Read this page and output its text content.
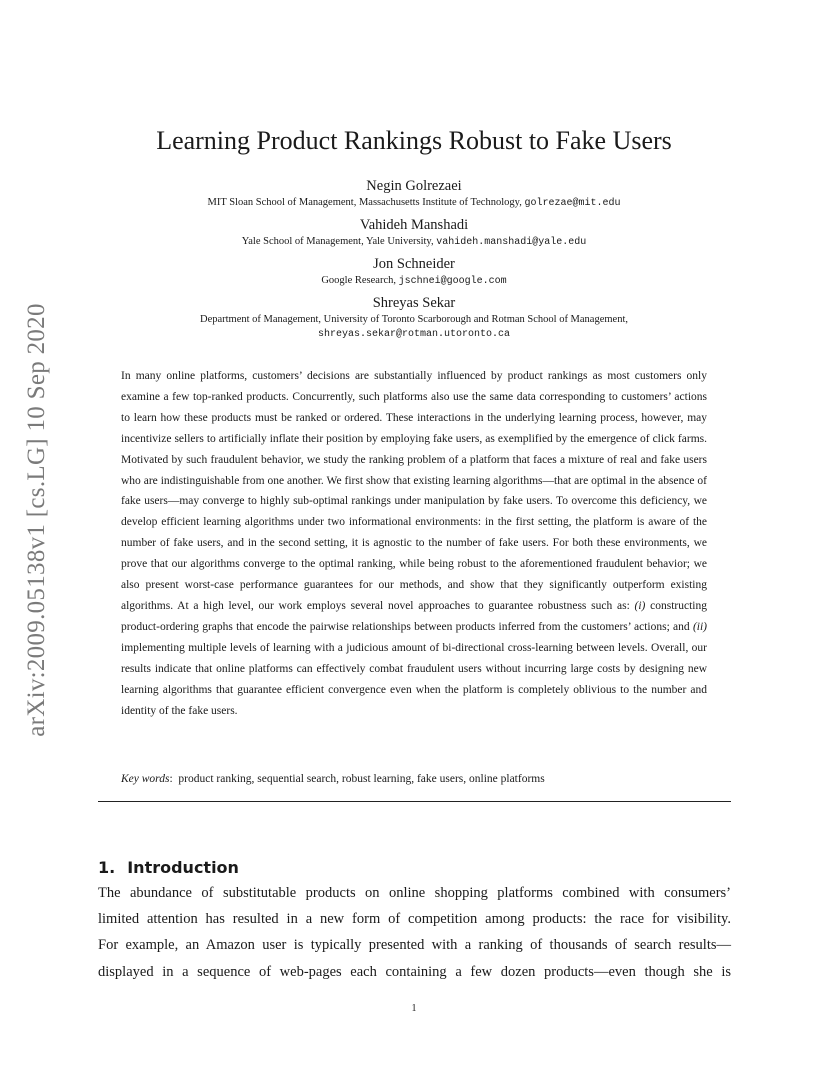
arXiv:2009.05138v1 [cs.LG] 10 Sep 2020
Learning Product Rankings Robust to Fake Users
Negin Golrezaei
MIT Sloan School of Management, Massachusetts Institute of Technology, golrezae@mit.edu
Vahideh Manshadi
Yale School of Management, Yale University, vahideh.manshadi@yale.edu
Jon Schneider
Google Research, jschnei@google.com
Shreyas Sekar
Department of Management, University of Toronto Scarborough and Rotman School of Management,
shreyas.sekar@rotman.utoronto.ca

In many online platforms, customers’ decisions are substantially influenced by product rankings as most customers only examine a few top-ranked products. Concurrently, such platforms also use the same data corresponding to customers’ actions to learn how these products must be ranked or ordered. These interactions in the underlying learning process, however, may incentivize sellers to artificially inflate their position by employing fake users, as exemplified by the emergence of click farms. Motivated by such fraudulent behavior, we study the ranking problem of a platform that faces a mixture of real and fake users who are indistinguishable from one another. We first show that existing learning algorithms—that are optimal in the absence of fake users—may converge to highly sub-optimal rankings under manipulation by fake users. To overcome this deficiency, we develop efficient learning algorithms under two informational environments: in the first setting, the platform is aware of the number of fake users, and in the second setting, it is agnostic to the number of fake users. For both these environments, we prove that our algorithms converge to the optimal ranking, while being robust to the aforementioned fraudulent behavior; we also present worst-case performance guarantees for our methods, and show that they significantly outperform existing algorithms. At a high level, our work employs several novel approaches to guarantee robustness such as: (i) constructing product-ordering graphs that encode the pairwise relationships between products inferred from the customers’ actions; and (ii) implementing multiple levels of learning with a judicious amount of bi-directional cross-learning between levels. Overall, our results indicate that online platforms can effectively combat fraudulent users without incurring large costs by designing new learning algorithms that guarantee efficient convergence even when the platform is completely oblivious to the number and identity of the fake users.

Key words:  product ranking, sequential search, robust learning, fake users, online platforms
1. Introduction

The abundance of substitutable products on online shopping platforms combined with consumers’
limited attention has resulted in a new form of competition among products: the race for visibility.
For example, an Amazon user is typically presented with a ranking of thousands of search results—
displayed in a sequence of web-pages each containing a few dozen products—even though she is

1
